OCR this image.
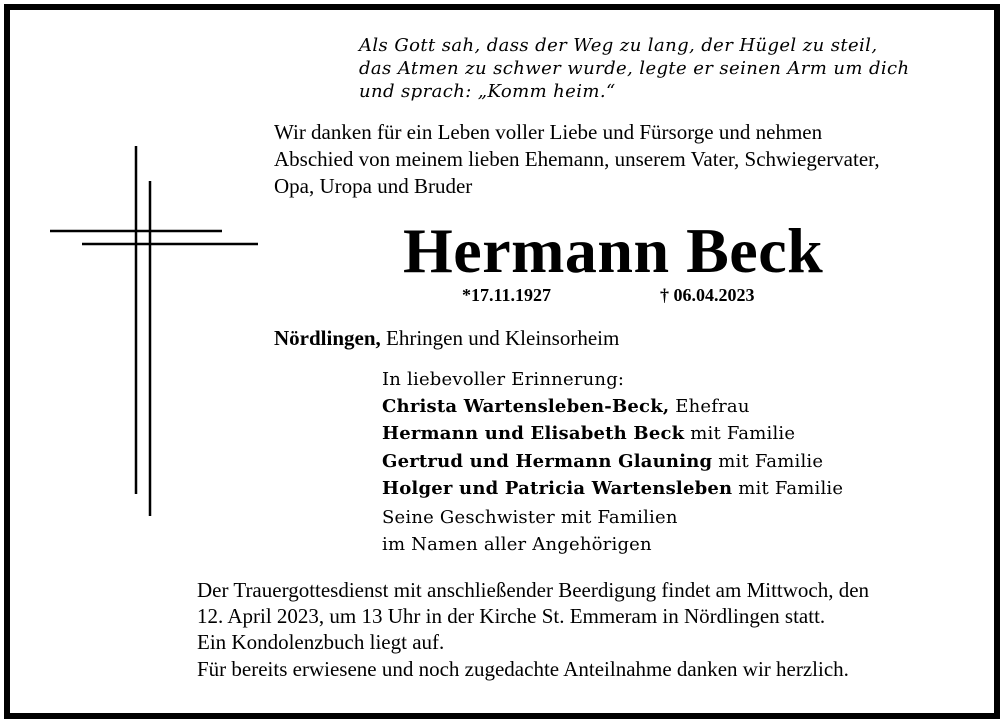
Als Gott sah, dass der Weg zu lang, der Hügel zu steil,
das Atmen zu schwer wurde, legte er seinen Arm um dich
und sprach: „Komm heim.“
Wir danken für ein Leben voller Liebe und Fürsorge und nehmen
Abschied von meinem lieben Ehemann, unserem Vater, Schwiegervater,
Opa, Uropa und Bruder
Hermann Beck
*17.11.1927	† 06.04.2023
Nördlingen, Ehringen und Kleinsorheim
In liebevoller Erinnerung:
Christa Wartensleben-Beck, Ehefrau
Hermann und Elisabeth Beck mit Familie
Gertrud und Hermann Glauning mit Familie
Holger und Patricia Wartensleben mit Familie
Seine Geschwister mit Familien
im Namen aller Angehörigen
Der Trauergottesdienst mit anschließender Beerdigung findet am Mittwoch, den
12. April 2023, um 13 Uhr in der Kirche St. Emmeram in Nördlingen statt.
Ein Kondolenzbuch liegt auf.
Für bereits erwiesene und noch zugedachte Anteilnahme danken wir herzlich.
